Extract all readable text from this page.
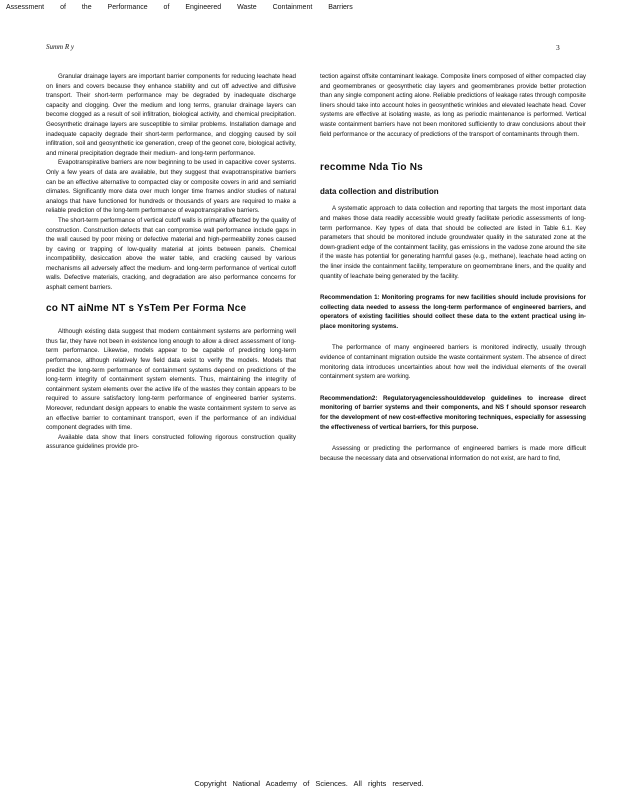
Assessment of the Performance of Engineered Waste Containment Barriers
Summ R y	3

Granular drainage layers are important barrier components for reducing leachate head on liners and covers because they enhance stability and cut off advective and diffusive transport. Their short-term performance may be degraded by inadequate discharge capacity and clogging. Over the medium and long terms, granular drainage layers can become clogged as a result of soil infiltration, biological activity, and chemical precipitation. Geosynthetic drainage layers are susceptible to similar problems. Installation damage and inadequate capacity degrade their short-term performance, and clogging caused by soil infiltration, soil and geosynthetic ice generation, creep of the geonet core, biological activity, and mineral precipitation degrade their medium- and long-term performance.

Evapotranspirative barriers are now beginning to be used in capacitive cover systems. Only a few years of data are available, but they suggest that evapotranspirative barriers can be an effective alternative to compacted clay or composite covers in arid and semiarid climates. Significantly more data over much longer time frames and/or studies of natural analogs that have functioned for hundreds or thousands of years are required to make a reliable prediction of the long-term performance of evapotranspirative barriers.

The short-term performance of vertical cutoff walls is primarily affected by the quality of construction. Construction defects that can compromise wall performance include gaps in the wall caused by poor mixing or defective material and high-permeability zones caused by caving or trapping of low-quality material at joints between panels. Chemical incompatibility, desiccation above the water table, and cracking caused by various mechanisms all adversely affect the medium- and long-term performance of vertical cutoff walls. Defective materials, cracking, and degradation are also performance concerns for asphalt cement barriers.

co NT aiNme NT s YsTem Per Forma Nce

Although existing data suggest that modern containment systems are performing well thus far, they have not been in existence long enough to allow a direct assessment of long-term performance. Likewise, models appear to be capable of predicting long-term performance, although relatively few field data exist to verify the models. Models that predict the long-term performance of containment systems depend on predictions of the long-term integrity of containment system elements. Thus, maintaining the integrity of containment system elements over the active life of the wastes they contain appears to be required to assure satisfactory long-term performance of engineered barrier systems. Moreover, redundant design appears to enable the waste containment system to serve as an effective barrier to contaminant transport, even if the performance of an individual component degrades with time.

Available data show that liners constructed following rigorous construction quality assurance guidelines provide pro-

tection against offsite contaminant leakage. Composite liners composed of either compacted clay and geomembranes or geosynthetic clay layers and geomembranes provide better protection than any single component acting alone. Reliable predictions of leakage rates through composite liners should take into account holes in geosynthetic wrinkles and elevated leachate head. Cover systems are effective at isolating waste, as long as periodic maintenance is performed. Vertical waste containment barriers have not been monitored sufficiently to draw conclusions about their field performance or the accuracy of predictions of the transport of contaminants through them.

recomme Nda Tio Ns
data collection and distribution

A systematic approach to data collection and reporting that targets the most important data and makes those data readily accessible would greatly facilitate periodic assessments of long-term performance. Key types of data that should be collected are listed in Table 6.1. Key parameters that should be monitored include groundwater quality in the saturated zone at the down-gradient edge of the containment facility, gas emissions in the vadose zone around the site if the waste has potential for generating harmful gases (e.g., methane), leachate head acting on the liner inside the containment facility, temperature on geomembrane liners, and the quality and quantity of leachate being generated by the facility.

Recommendation 1: Monitoring programs for new facilities should include provisions for collecting data needed to assess the long-term performance of engineered barriers, and operators of existing facilities should collect these data to the extent practical using in-place monitoring systems.

The performance of many engineered barriers is monitored indirectly, usually through evidence of contaminant migration outside the waste containment system. The absence of direct monitoring data introduces uncertainties about how well the individual elements of the overall containment system are working.

Recommendation2: Regulatoryagenciesshoulddevelop guidelines to increase direct monitoring of barrier systems and their components, and NS f should sponsor research for the development of new cost-effective monitoring techniques, especially for assessing the effectiveness of vertical barriers, for this purpose.

Assessing or predicting the performance of engineered barriers is made more difficult because the necessary data and observational information do not exist, are hard to find,

Copyright National Academy of Sciences. All rights reserved.
